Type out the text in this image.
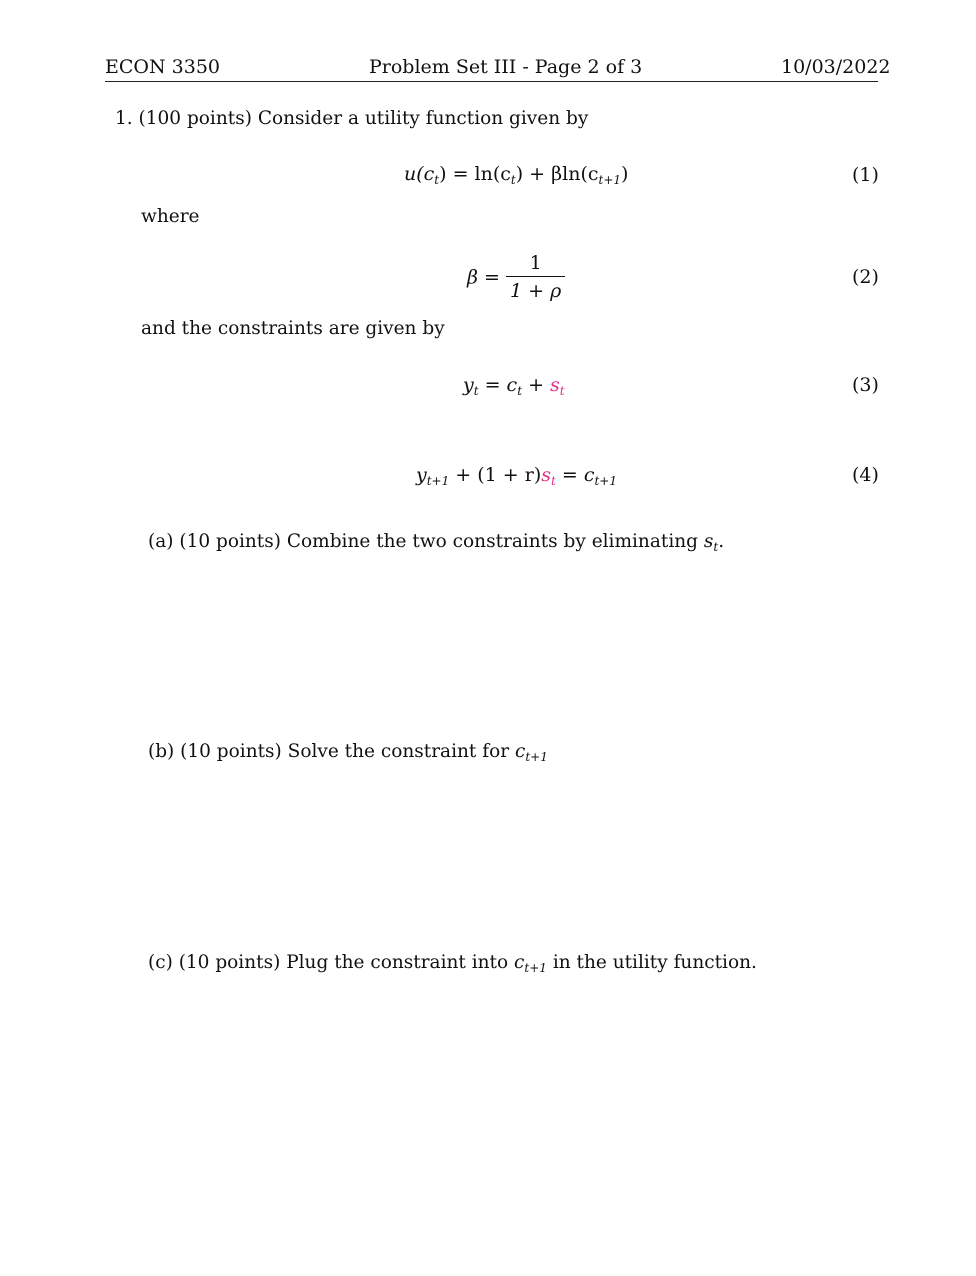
ECON 3350	Problem Set III - Page 2 of 3	10/03/2022
1. (100 points) Consider a utility function given by
$u(c_t) = \ln(c_t) + \beta\ln(c_{t+1})$	(1)
where
$\beta = \frac{1}{1 + \rho}$	(2)
and the constraints are given by
$y_t = c_t + s_t$	(3)
$y_{t+1} + (1 + r)s_t = c_{t+1}$	(4)
(a) (10 points) Combine the two constraints by eliminating $s_t$.
(b) (10 points) Solve the constraint for $c_{t+1}$
(c) (10 points) Plug the constraint into $c_{t+1}$ in the utility function.
